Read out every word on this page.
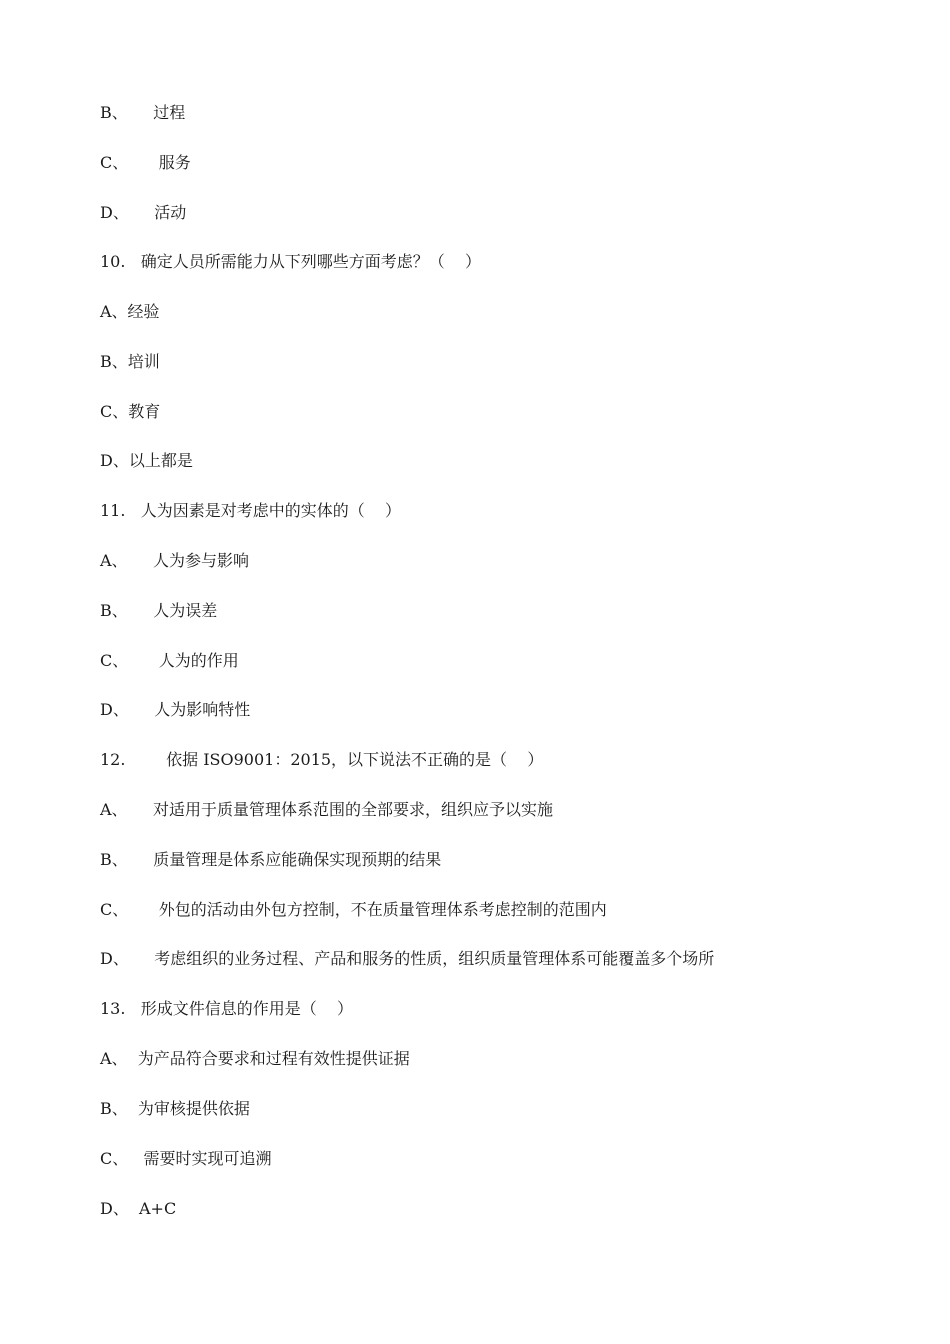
B、     过程
C、      服务
D、     活动
10.   确定人员所需能力从下列哪些方面考虑？（    ）
A、经验
B、培训
C、教育
D、以上都是
11.   人为因素是对考虑中的实体的（    ）
A、     人为参与影响
B、     人为误差
C、      人为的作用
D、     人为影响特性
12.        依据 ISO9001：2015，以下说法不正确的是（    ）
A、     对适用于质量管理体系范围的全部要求，组织应予以实施
B、     质量管理是体系应能确保实现预期的结果
C、      外包的活动由外包方控制，不在质量管理体系考虑控制的范围内
D、     考虑组织的业务过程、产品和服务的性质，组织质量管理体系可能覆盖多个场所
13.   形成文件信息的作用是（    ）
A、  为产品符合要求和过程有效性提供证据
B、  为审核提供依据
C、   需要时实现可追溯
D、  A+C
